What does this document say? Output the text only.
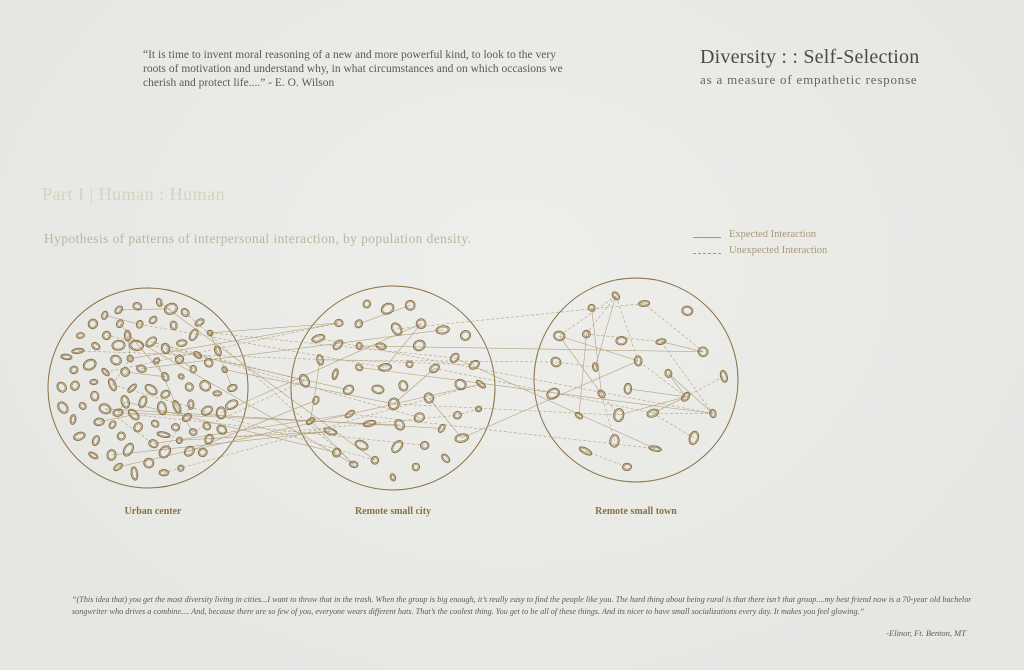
“It is time to invent moral reasoning of a new and more powerful kind, to look to the very roots of motivation and understand why, in what circumstances and on which occasions we cherish and protect life....” - E. O. Wilson
Diversity : : Self-Selection
as a measure of empathetic response
Part I | Human : Human
Hypothesis of patterns of interpersonal interaction, by population density.	Expected Interaction
Unexpected Interaction
Urban center	Remote small city	Remote small town
“(This idea that) you get the most diversity living in cities...I want to throw that in the trash. When the group is big enough, it’s really easy to find the people like you. The hard thing about being rural is that there isn’t that group....my best friend now is a 70-year old bachelor songwriter who drives a combine.... And, because there are so few of you, everyone wears different hats. That’s the coolest thing. You get to be all of these things. And its nicer to have small socializations every day. It makes you feel glowing.”
-Elinor, Ft. Benton, MT
